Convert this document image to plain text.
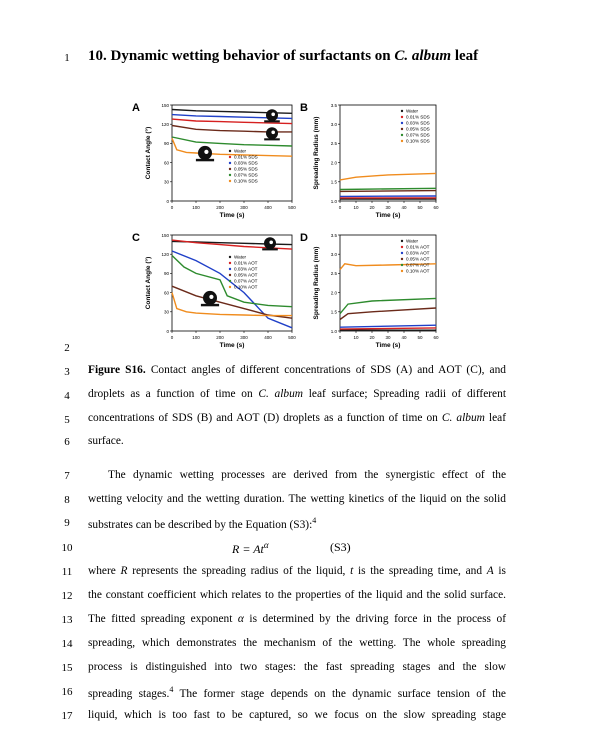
1
2
3
4
5
6
7
8
9
10
11
12
13
14
15
16
17
10. Dynamic wetting behavior of surfactants on C. album leaf
A
0
30
60
90
120
150
0	100	200	300	400	500
Time (s)
Contact Angle (°)	Water
0.01% SDS
0.03% SDS
0.05% SDS
0.07% SDS
0.10% SDS
B
1.0
1.5
2.0
2.5
3.0
3.5
0	10 20 30 40 50 60
Time (s)
Spreading Radius (mm)
Water
0.01% SDS
0.03% SDS
0.05% SDS
0.07% SDS
0.10% SDS
C
0
30
60
90
120
150
0	100	200	300	400	500
Time (s)
Contact Angle (°)	Water
0.01% AOT
0.03% AOT
0.05% AOT
0.07% AOT
0.10% AOT
D
1.0
1.5
2.0
2.5
3.0
3.5
0	10 20 30 40 50 60
Time (s)
Spreading Radius (mm)
Water
0.01% AOT
0.03% AOT
0.05% AOT
0.07% AOT
0.10% AOT
Figure S16. Contact angles of different concentrations of SDS (A) and AOT (C), and
droplets as a function of time on C. album leaf surface; Spreading radii of different
concentrations of SDS (B) and AOT (D) droplets as a function of time on C. album leaf
surface.
The dynamic wetting processes are derived from the synergistic effect of the
wetting velocity and the wetting duration. The wetting kinetics of the liquid on the solid
substrates can be described by the Equation (S3):$^4$
$R = At^\alpha$	(S3)
where R represents the spreading radius of the liquid, t is the spreading time, and A is
the constant coefficient which relates to the properties of the liquid and the solid surface.
The fitted spreading exponent α is determined by the driving force in the process of
spreading, which demonstrates the mechanism of the wetting. The whole spreading
process is distinguished into two stages: the fast spreading stages and the slow
spreading stages.$^4$ The former stage depends on the dynamic surface tension of the
liquid, which is too fast to be captured, so we focus on the slow spreading stage
